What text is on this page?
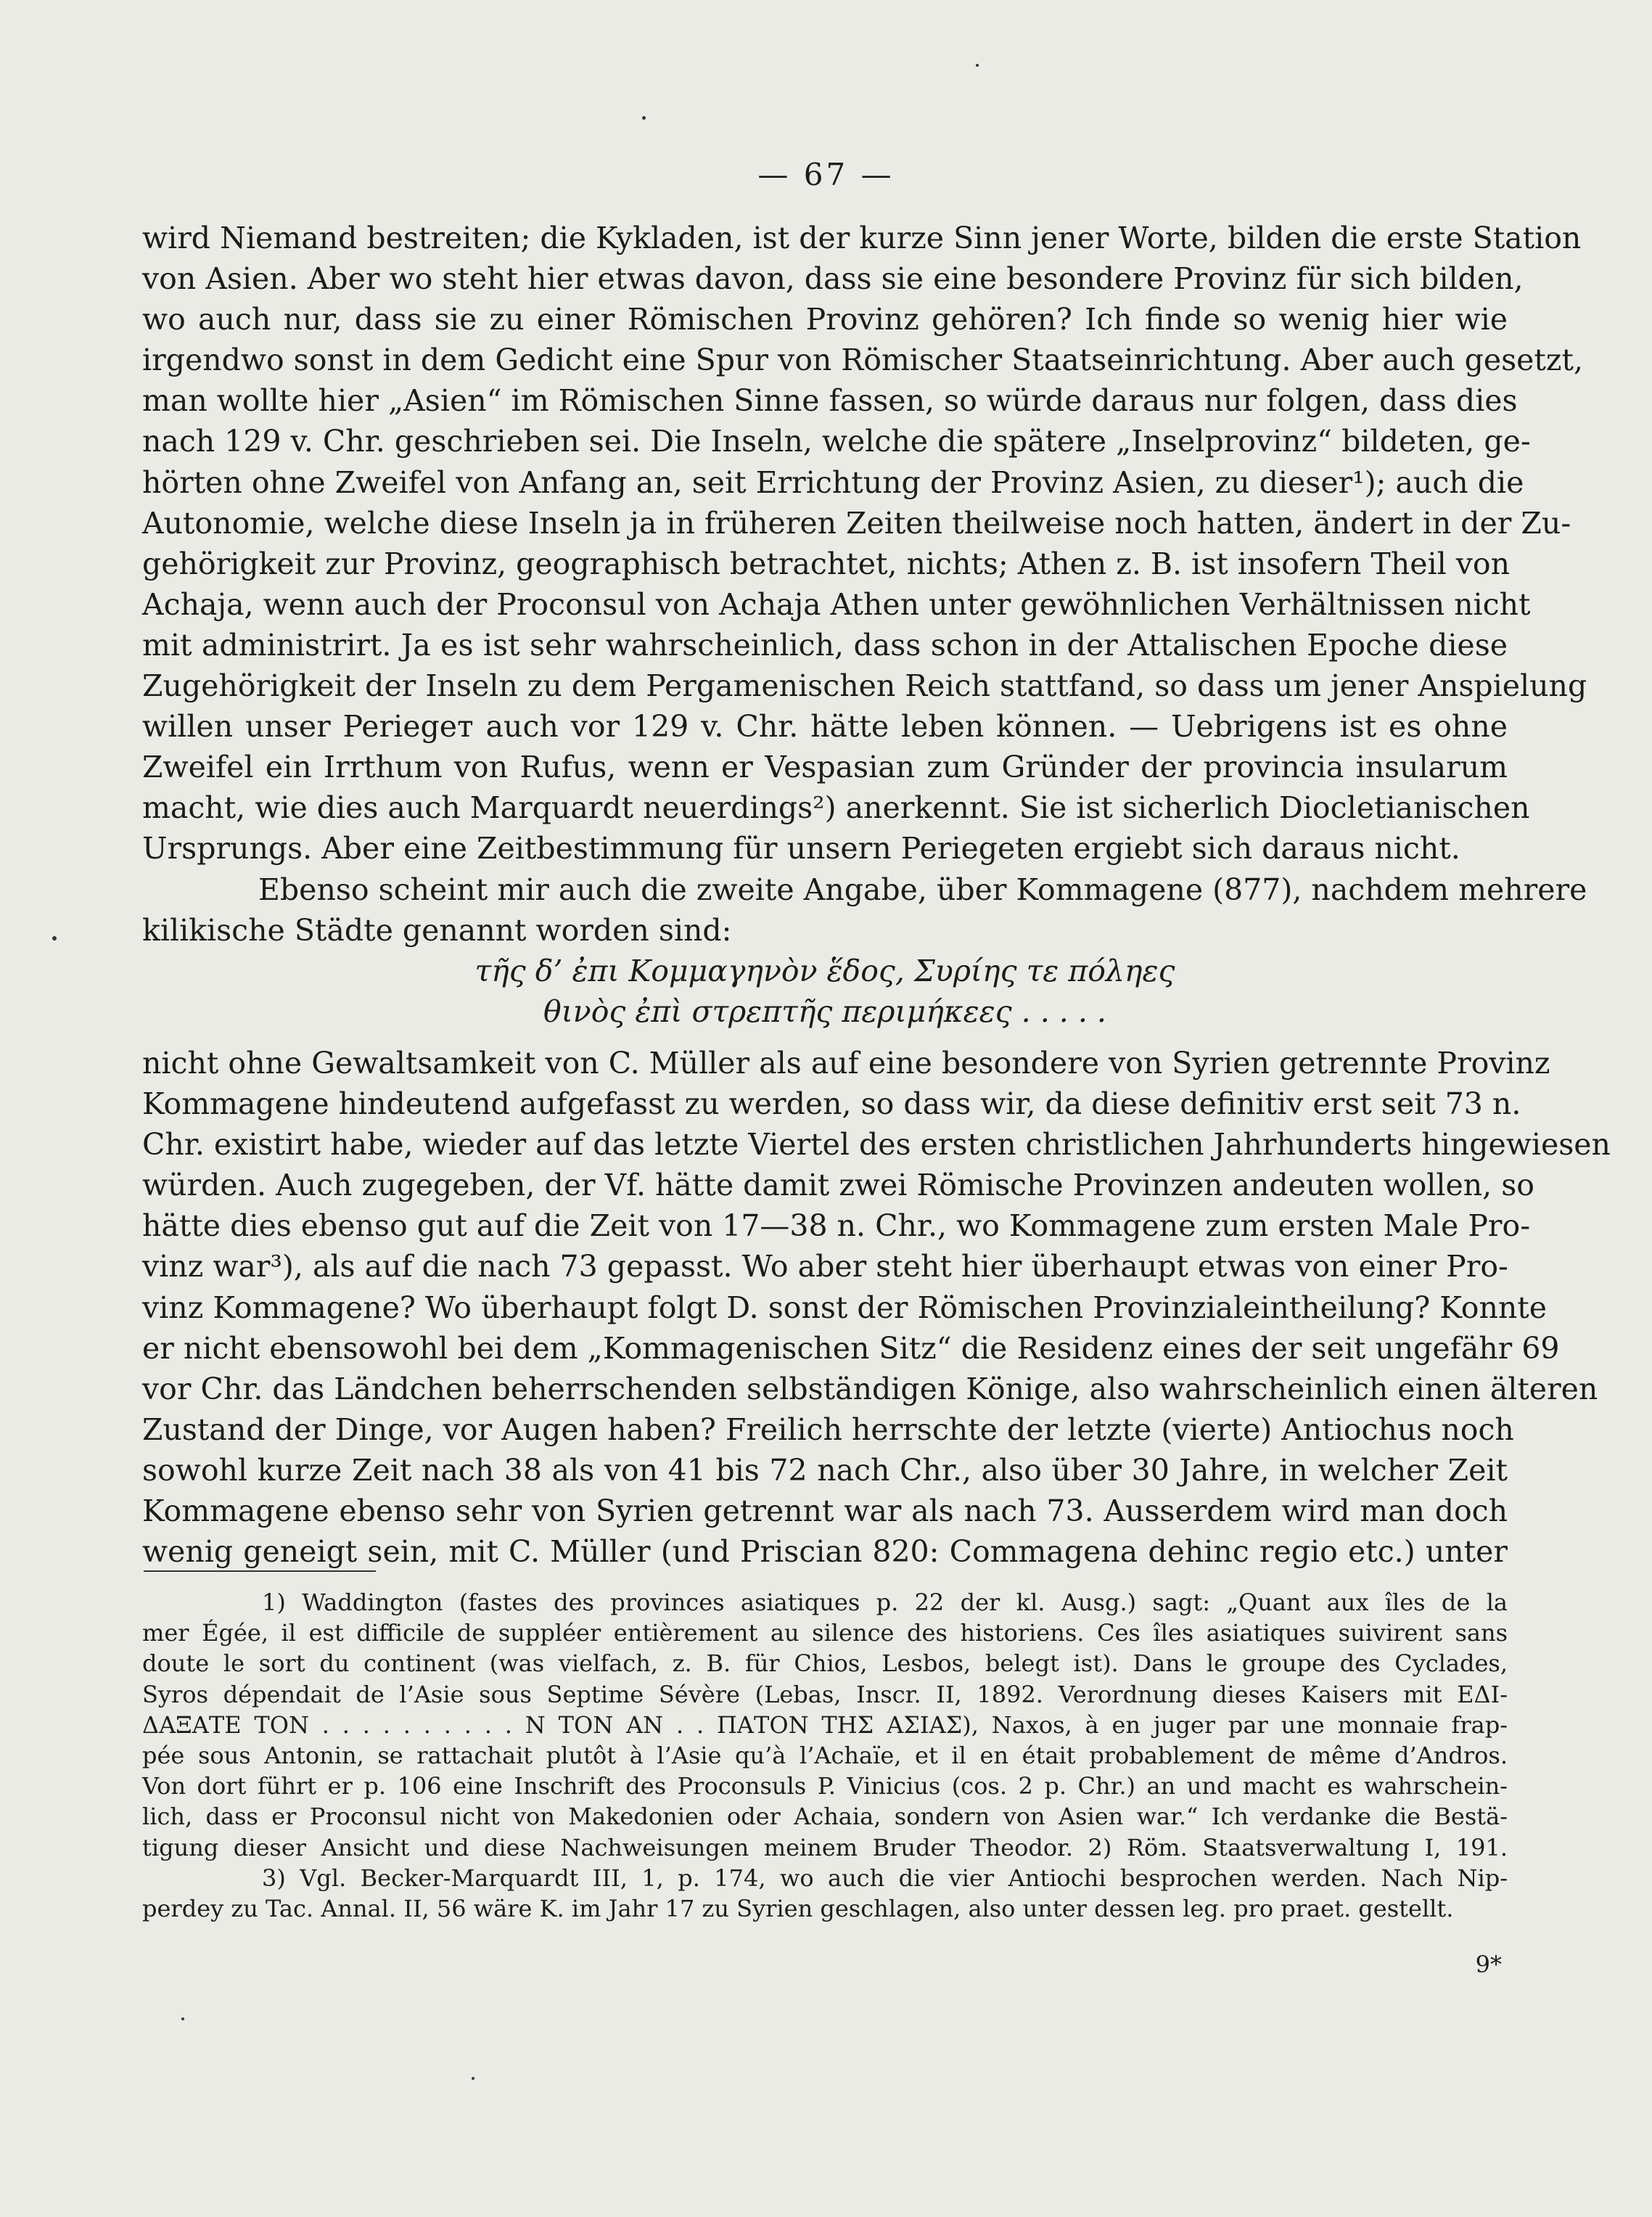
— 67 —
wird Niemand bestreiten; die Kykladen, ist der kurze Sinn jener Worte, bilden die erste Station
von Asien. Aber wo steht hier etwas davon, dass sie eine besondere Provinz für sich bilden,
wo auch nur, dass sie zu einer Römischen Provinz gehören? Ich finde so wenig hier wie
irgendwo sonst in dem Gedicht eine Spur von Römischer Staatseinrichtung. Aber auch gesetzt,
man wollte hier „Asien“ im Römischen Sinne fassen, so würde daraus nur folgen, dass dies
nach 129 v. Chr. geschrieben sei. Die Inseln, welche die spätere „Inselprovinz“ bildeten, ge-
hörten ohne Zweifel von Anfang an, seit Errichtung der Provinz Asien, zu dieser¹); auch die
Autonomie, welche diese Inseln ja in früheren Zeiten theilweise noch hatten, ändert in der Zu-
gehörigkeit zur Provinz, geographisch betrachtet, nichts; Athen z. B. ist insofern Theil von
Achaja, wenn auch der Proconsul von Achaja Athen unter gewöhnlichen Verhältnissen nicht
mit administrirt. Ja es ist sehr wahrscheinlich, dass schon in der Attalischen Epoche diese
Zugehörigkeit der Inseln zu dem Pergamenischen Reich stattfand, so dass um jener Anspielung
willen unser Periegет auch vor 129 v. Chr. hätte leben können. — Uebrigens ist es ohne
Zweifel ein Irrthum von Rufus, wenn er Vespasian zum Gründer der provincia insularum
macht, wie dies auch Marquardt neuerdings²) anerkennt. Sie ist sicherlich Diocletianischen
Ursprungs. Aber eine Zeitbestimmung für unsern Periegeten ergiebt sich daraus nicht.
Ebenso scheint mir auch die zweite Angabe, über Kommagene (877), nachdem mehrere
kilikische Städte genannt worden sind:
τῆς δ’ ἐπι Κομμαγηνὸν ἕδος, Συρίης τε πόληες
θινὸς ἐπὶ στρεπτῆς περιμήκεες . . . . .
nicht ohne Gewaltsamkeit von C. Müller als auf eine besondere von Syrien getrennte Provinz
Kommagene hindeutend aufgefasst zu werden, so dass wir, da diese definitiv erst seit 73 n.
Chr. existirt habe, wieder auf das letzte Viertel des ersten christlichen Jahrhunderts hingewiesen
würden. Auch zugegeben, der Vf. hätte damit zwei Römische Provinzen andeuten wollen, so
hätte dies ebenso gut auf die Zeit von 17—38 n. Chr., wo Kommagene zum ersten Male Pro-
vinz war³), als auf die nach 73 gepasst. Wo aber steht hier überhaupt etwas von einer Pro-
vinz Kommagene? Wo überhaupt folgt D. sonst der Römischen Provinzialeintheilung? Konnte
er nicht ebensowohl bei dem „Kommagenischen Sitz“ die Residenz eines der seit ungefähr 69
vor Chr. das Ländchen beherrschenden selbständigen Könige, also wahrscheinlich einen älteren
Zustand der Dinge, vor Augen haben? Freilich herrschte der letzte (vierte) Antiochus noch
sowohl kurze Zeit nach 38 als von 41 bis 72 nach Chr., also über 30 Jahre, in welcher Zeit
Kommagene ebenso sehr von Syrien getrennt war als nach 73. Ausserdem wird man doch
wenig geneigt sein, mit C. Müller (und Priscian 820: Commagena dehinc regio etc.) unter
1) Waddington (fastes des provinces asiatiques p. 22 der kl. Ausg.) sagt: „Quant aux îles de la
mer Égée, il est difficile de suppléer entièrement au silence des historiens. Ces îles asiatiques suivirent sans
doute le sort du continent (was vielfach, z. B. für Chios, Lesbos, belegt ist). Dans le groupe des Cyclades,
Syros dépendait de l’Asie sous Septime Sévère (Lebas, Inscr. II, 1892. Verordnung dieses Kaisers mit ΕΔΙ-
ΔΑΞΑΤΕ ΤΟΝ . . . . . . . . . . Ν ΤΟΝ ΑΝ . . ΠΑΤΟΝ ΤΗΣ ΑΣΙΑΣ), Naxos, à en juger par une monnaie frap-
pée sous Antonin, se rattachait plutôt à l’Asie qu’à l’Achaïe, et il en était probablement de même d’Andros.
Von dort führt er p. 106 eine Inschrift des Proconsuls P. Vinicius (cos. 2 p. Chr.) an und macht es wahrschein-
lich, dass er Proconsul nicht von Makedonien oder Achaia, sondern von Asien war.“ Ich verdanke die Bestä-
tigung dieser Ansicht und diese Nachweisungen meinem Bruder Theodor. 2) Röm. Staatsverwaltung I, 191.
3) Vgl. Becker-Marquardt III, 1, p. 174, wo auch die vier Antiochi besprochen werden. Nach Nip-
perdey zu Tac. Annal. II, 56 wäre K. im Jahr 17 zu Syrien geschlagen, also unter dessen leg. pro praet. gestellt.
9*
